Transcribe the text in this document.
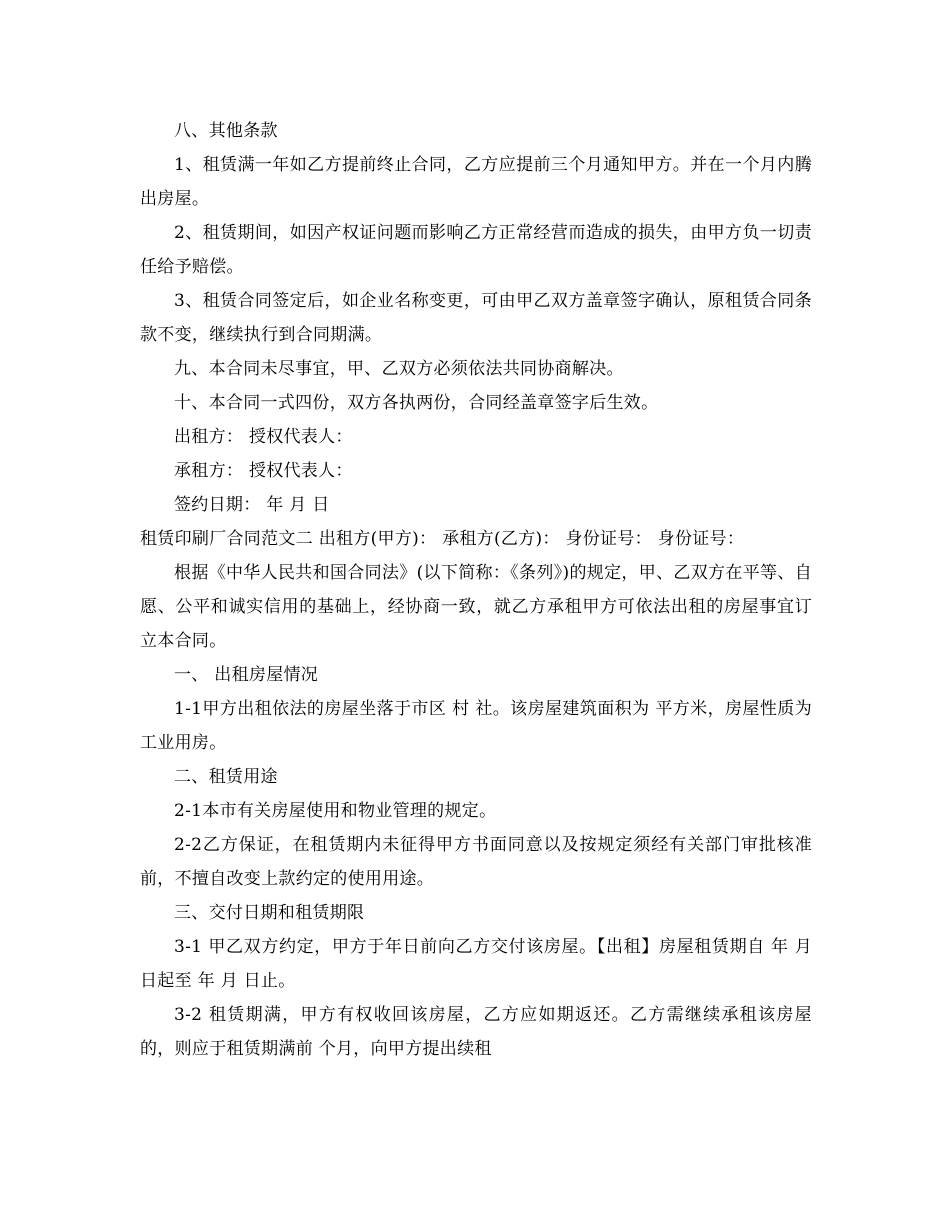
八、其他条款

1、租赁满一年如乙方提前终止合同，乙方应提前三个月通知甲方。并在一个月内腾出房屋。

2、租赁期间，如因产权证问题而影响乙方正常经营而造成的损失，由甲方负一切责任给予赔偿。

3、租赁合同签定后，如企业名称变更，可由甲乙双方盖章签字确认，原租赁合同条款不变，继续执行到合同期满。

九、本合同未尽事宜，甲、乙双方必须依法共同协商解决。

十、本合同一式四份，双方各执两份，合同经盖章签字后生效。

出租方： 授权代表人：

承租方： 授权代表人：

签约日期： 年 月 日

租赁印刷厂合同范文二 出租方(甲方)： 承租方(乙方)： 身份证号： 身份证号：

根据《中华人民共和国合同法》(以下简称：《条列》)的规定，甲、乙双方在平等、自愿、公平和诚实信用的基础上，经协商一致，就乙方承租甲方可依法出租的房屋事宜订立本合同。

一、 出租房屋情况

1-1甲方出租依法的房屋坐落于市区 村 社。该房屋建筑面积为 平方米，房屋性质为工业用房。

二、租赁用途

2-1本市有关房屋使用和物业管理的规定。

2-2乙方保证，在租赁期内未征得甲方书面同意以及按规定须经有关部门审批核准前，不擅自改变上款约定的使用用途。

三、交付日期和租赁期限

3-1 甲乙双方约定，甲方于年日前向乙方交付该房屋。【出租】房屋租赁期自 年 月 日起至 年 月 日止。

3-2 租赁期满，甲方有权收回该房屋，乙方应如期返还。乙方需继续承租该房屋的，则应于租赁期满前 个月，向甲方提出续租
